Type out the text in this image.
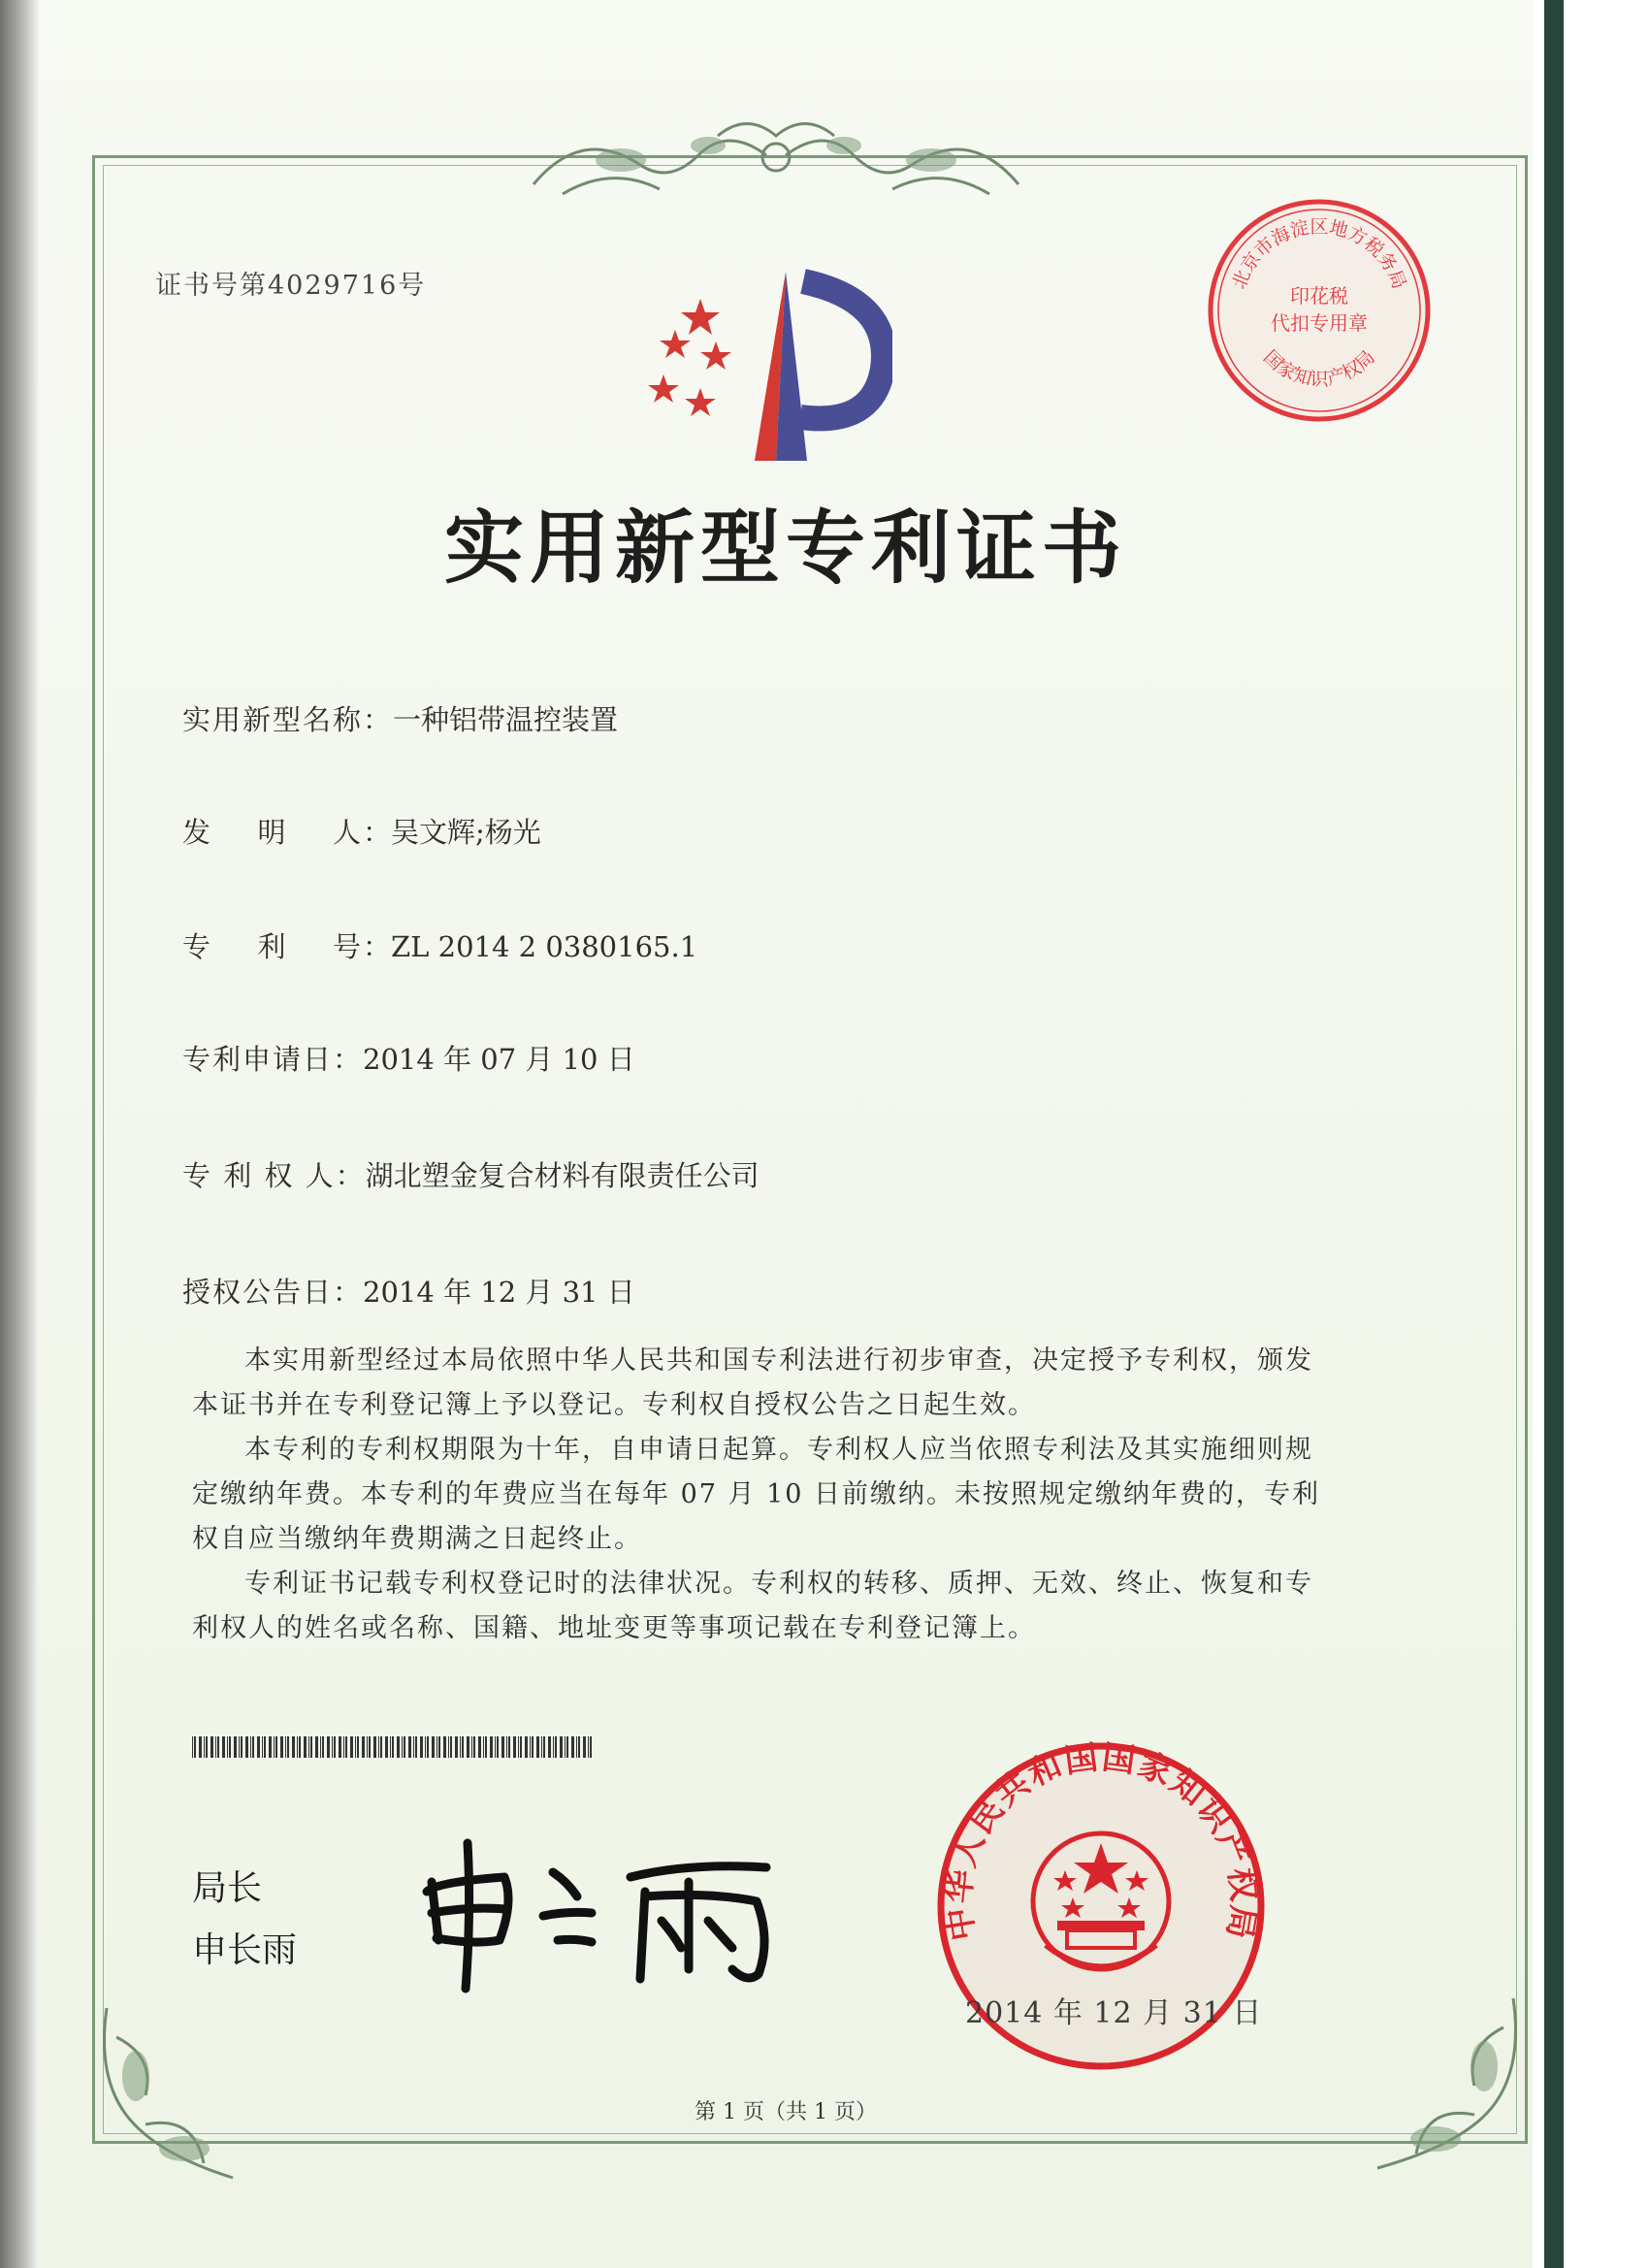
证书号第4029716号	北京市海淀区地方税务局
国家知识产权局
印花税
代扣专用章
实用新型专利证书
实用新型名称：一种铝带温控装置
发　明　人：吴文辉;杨光
专　利　号：ZL 2014 2 0380165.1
专利申请日：2014 年 07 月 10 日
专 利 权 人：湖北塑金复合材料有限责任公司
授权公告日：2014 年 12 月 31 日

本实用新型经过本局依照中华人民共和国专利法进行初步审查，决定授予专利权，颁发本证书并在专利登记簿上予以登记。专利权自授权公告之日起生效。

本专利的专利权期限为十年，自申请日起算。专利权人应当依照专利法及其实施细则规定缴纳年费。本专利的年费应当在每年 07 月 10 日前缴纳。未按照规定缴纳年费的，专利权自应当缴纳年费期满之日起终止。

专利证书记载专利权登记时的法律状况。专利权的转移、质押、无效、终止、恢复和专利权人的姓名或名称、国籍、地址变更等事项记载在专利登记簿上。

局长
申长雨
中华人民共和国国家知识产权局
2014 年 12 月 31 日
第 1 页（共 1 页）
